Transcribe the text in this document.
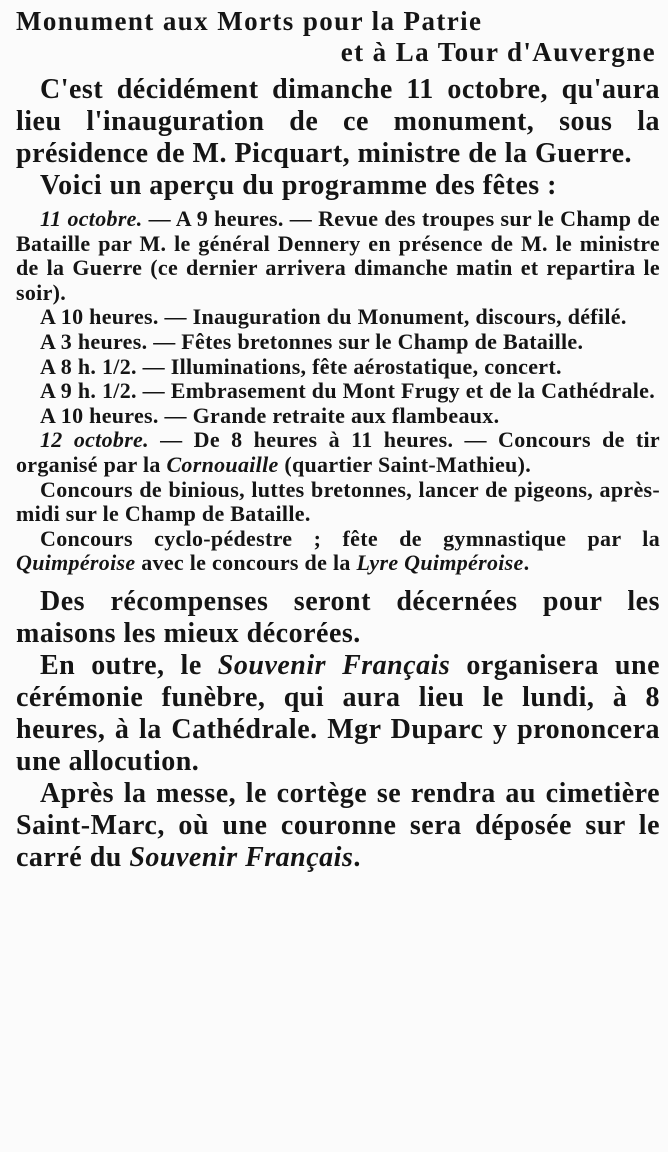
Monument aux Morts pour la Patrie
et à La Tour d'Auvergne

C'est décidément dimanche 11 octobre, qu'aura lieu l'inauguration de ce monument, sous la présidence de M. Picquart, ministre de la Guerre.

Voici un aperçu du programme des fêtes :

11 octobre. — A 9 heures. — Revue des troupes sur le Champ de Bataille par M. le général Dennery en présence de M. le ministre de la Guerre (ce dernier arrivera dimanche matin et repartira le soir).

A 10 heures. — Inauguration du Monument, discours, défilé.

A 3 heures. — Fêtes bretonnes sur le Champ de Bataille.

A 8 h. 1/2. — Illuminations, fête aérostatique, concert.

A 9 h. 1/2. — Embrasement du Mont Frugy et de la Cathédrale.

A 10 heures. — Grande retraite aux flambeaux.

12 octobre. — De 8 heures à 11 heures. — Concours de tir organisé par la Cornouaille (quartier Saint-Mathieu).

Concours de binious, luttes bretonnes, lancer de pigeons, après-midi sur le Champ de Bataille.

Concours cyclo-pédestre ; fête de gymnastique par la Quimpéroise avec le concours de la Lyre Quimpéroise.

Des récompenses seront décernées pour les maisons les mieux décorées.

En outre, le Souvenir Français organisera une cérémonie funèbre, qui aura lieu le lundi, à 8 heures, à la Cathédrale. Mgr Duparc y prononcera une allocution.

Après la messe, le cortège se rendra au cimetière Saint-Marc, où une couronne sera déposée sur le carré du Souvenir Français.
